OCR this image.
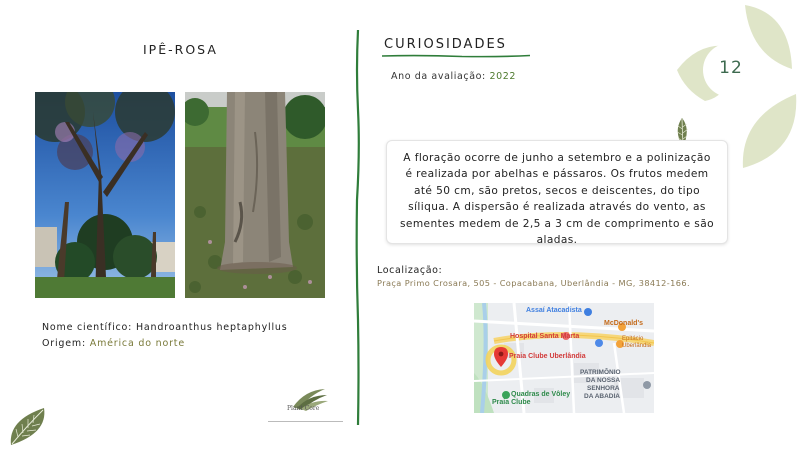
IPÊ-ROSA
Nome científico: Handroanthus heptaphyllus
Origem: América do norte
Plant Core
CURIOSIDADES
Ano da avaliação: 2022

A floração ocorre de junho a setembro e a polinização é realizada por abelhas e pássaros. Os frutos medem até 50 cm, são pretos, secos e deiscentes, do tipo síliqua. A dispersão é realizada através do vento, as sementes medem de 2,5 a 3 cm de comprimento e são aladas.

Localização:
Praça Primo Crosara, 505 - Copacabana, Uberlândia - MG, 38412-166.
Assaí Atacadista
McDonald's
Hospital Santa Marta	Epitácio
Uberlândia
Praia Clube Uberlândia
PATRIMÔNIO
DA NOSSA
SENHORA
DA ABADIA
Quadras de Vôley
Praia Clube
12
